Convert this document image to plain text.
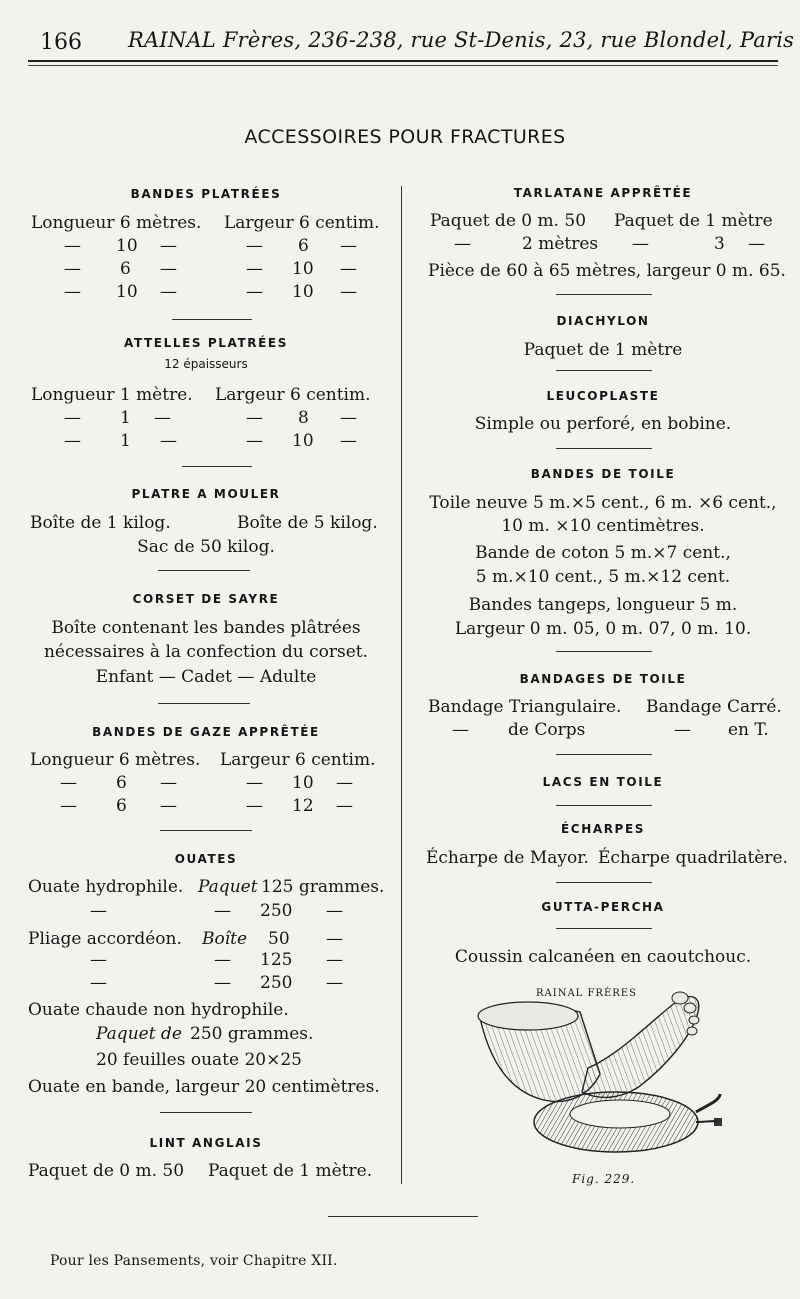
166 RAINAL Frères, 236-238, rue St-Denis, 23, rue Blondel, Paris
ACCESSOIRES POUR FRACTURES
BANDES PLATRÉES
Longueur 6 mètres. Largeur 6 centim.
— 10 —	— 6 —
— 6 —	— 10 —
— 10 —	— 10 —
ATTELLES PLATRÉES
12 épaisseurs
Longueur 1 mètre. Largeur 6 centim.
— 1 —	— 8 —
— 1 —	— 10 —
PLATRE A MOULER
Boîte de 1 kilog.	Boîte de 5 kilog.
Sac de 50 kilog.
CORSET DE SAYRE
Boîte contenant les bandes plâtrées
nécessaires à la confection du corset.
Enfant — Cadet — Adulte
BANDES DE GAZE APPRÊTÉE
Longueur 6 mètres. Largeur 6 centim.
— 6 —	— 10 —
— 6 —	— 12 —
OUATES
Ouate hydrophile. Paquet 125 grammes.
—	— 250 —
Pliage accordéon. Boîte 50 —
—	— 125 —
—	— 250 —
Ouate chaude non hydrophile.
Paquet de 250 grammes.
20 feuilles ouate 20×25
Ouate en bande, largeur 20 centimètres.
LINT ANGLAIS
Paquet de 0 m. 50 Paquet de 1 mètre.
TARLATANE APPRÊTÉE
Paquet de 0 m. 50 Paquet de 1 mètre
—	2 mètres —	3 —
Pièce de 60 à 65 mètres, largeur 0 m. 65.
DIACHYLON
Paquet de 1 mètre
LEUCOPLASTE
Simple ou perforé, en bobine.
BANDES DE TOILE
Toile neuve 5 m.×5 cent., 6 m. ×6 cent.,
10 m. ×10 centimètres.
Bande de coton 5 m.×7 cent.,
5 m.×10 cent., 5 m.×12 cent.
Bandes tangeps, longueur 5 m.
Largeur 0 m. 05, 0 m. 07, 0 m. 10.
BANDAGES DE TOILE
Bandage Triangulaire. Bandage Carré.
— de Corps	— en T.
LACS EN TOILE
ÉCHARPES
Écharpe de Mayor. Écharpe quadrilatère.
GUTTA-PERCHA
Coussin calcanéen en caoutchouc.
RAINAL FRÈRES
Fig. 229.
Pour les Pansements, voir Chapitre XII.
